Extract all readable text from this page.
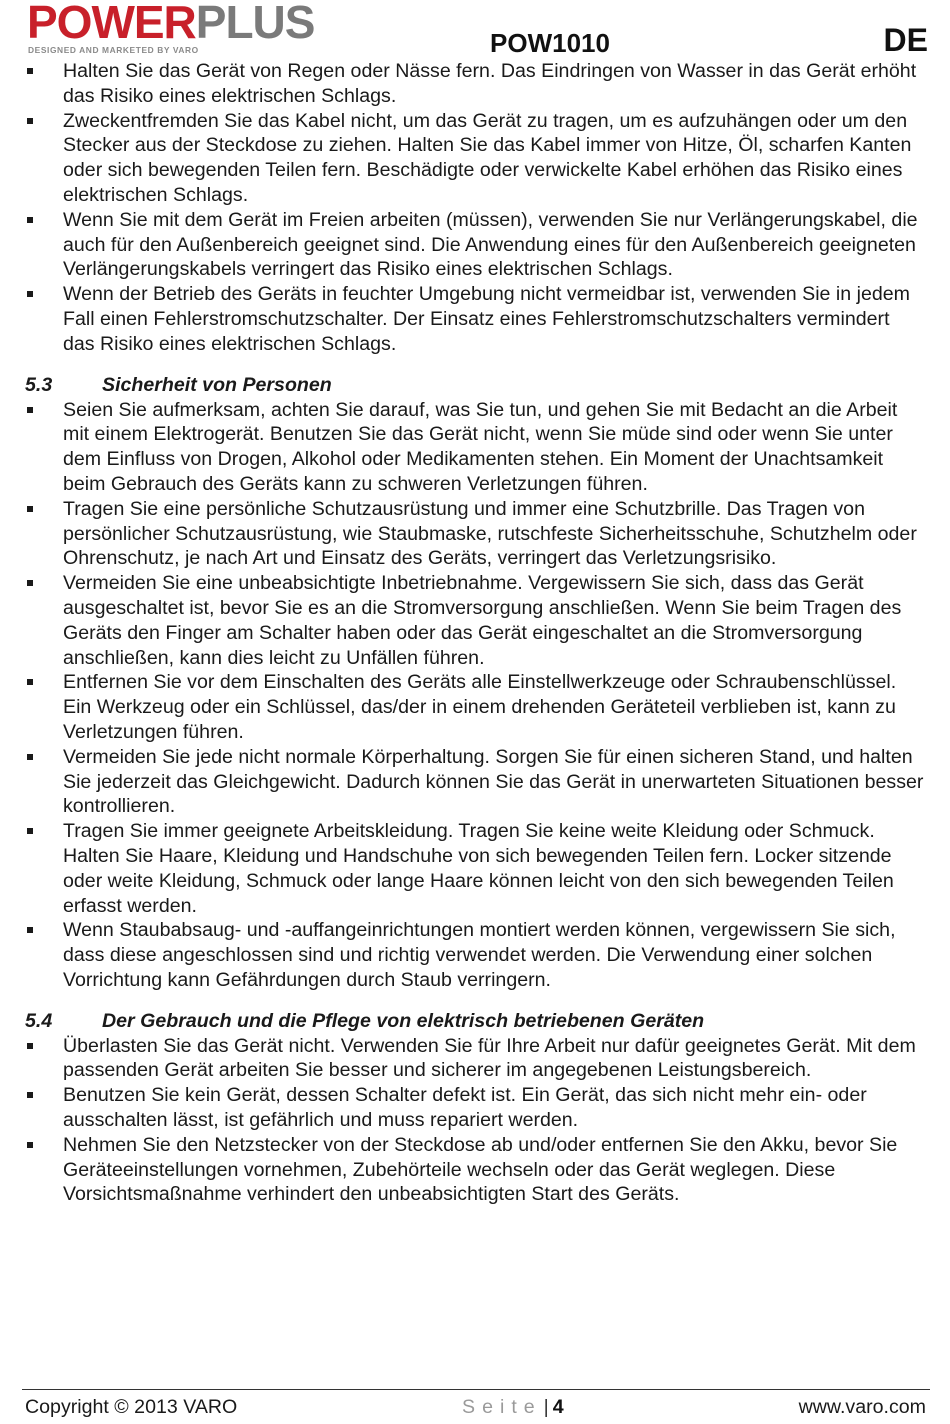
POWERPLUS
DESIGNED AND MARKETED BY VARO	POW1010	DE
Halten Sie das Gerät von Regen oder Nässe fern. Das Eindringen von Wasser in das Gerät erhöht das Risiko eines elektrischen Schlags.
Zweckentfremden Sie das Kabel nicht, um das Gerät zu tragen, um es aufzuhängen oder um den Stecker aus der Steckdose zu ziehen. Halten Sie das Kabel immer von Hitze, Öl, scharfen Kanten oder sich bewegenden Teilen fern. Beschädigte oder verwickelte Kabel erhöhen das Risiko eines elektrischen Schlags.
Wenn Sie mit dem Gerät im Freien arbeiten (müssen), verwenden Sie nur Verlängerungskabel, die auch für den Außenbereich geeignet sind. Die Anwendung eines für den Außenbereich geeigneten Verlängerungskabels verringert das Risiko eines elektrischen Schlags.
Wenn der Betrieb des Geräts in feuchter Umgebung nicht vermeidbar ist, verwenden Sie in jedem Fall einen Fehlerstromschutzschalter. Der Einsatz eines Fehlerstromschutzschalters vermindert das Risiko eines elektrischen Schlags.
5.3	Sicherheit von Personen
Seien Sie aufmerksam, achten Sie darauf, was Sie tun, und gehen Sie mit Bedacht an die Arbeit mit einem Elektrogerät. Benutzen Sie das Gerät nicht, wenn Sie müde sind oder wenn Sie unter dem Einfluss von Drogen, Alkohol oder Medikamenten stehen. Ein Moment der Unachtsamkeit beim Gebrauch des Geräts kann zu schweren Verletzungen führen.
Tragen Sie eine persönliche Schutzausrüstung und immer eine Schutzbrille. Das Tragen von persönlicher Schutzausrüstung, wie Staubmaske, rutschfeste Sicherheitsschuhe, Schutzhelm oder Ohrenschutz, je nach Art und Einsatz des Geräts, verringert das Verletzungsrisiko.
Vermeiden Sie eine unbeabsichtigte Inbetriebnahme. Vergewissern Sie sich, dass das Gerät ausgeschaltet ist, bevor Sie es an die Stromversorgung anschließen. Wenn Sie beim Tragen des Geräts den Finger am Schalter haben oder das Gerät eingeschaltet an die Stromversorgung anschließen, kann dies leicht zu Unfällen führen.
Entfernen Sie vor dem Einschalten des Geräts alle Einstellwerkzeuge oder Schraubenschlüssel. Ein Werkzeug oder ein Schlüssel, das/der in einem drehenden Geräteteil verblieben ist, kann zu Verletzungen führen.
Vermeiden Sie jede nicht normale Körperhaltung. Sorgen Sie für einen sicheren Stand, und halten Sie jederzeit das Gleichgewicht. Dadurch können Sie das Gerät in unerwarteten Situationen besser kontrollieren.
Tragen Sie immer geeignete Arbeitskleidung. Tragen Sie keine weite Kleidung oder Schmuck. Halten Sie Haare, Kleidung und Handschuhe von sich bewegenden Teilen fern. Locker sitzende oder weite Kleidung, Schmuck oder lange Haare können leicht von den sich bewegenden Teilen erfasst werden.
Wenn Staubabsaug- und -auffangeinrichtungen montiert werden können, vergewissern Sie sich, dass diese angeschlossen sind und richtig verwendet werden. Die Verwendung einer solchen Vorrichtung kann Gefährdungen durch Staub verringern.
5.4	Der Gebrauch und die Pflege von elektrisch betriebenen Geräten
Überlasten Sie das Gerät nicht. Verwenden Sie für Ihre Arbeit nur dafür geeignetes Gerät. Mit dem passenden Gerät arbeiten Sie besser und sicherer im angegebenen Leistungsbereich.
Benutzen Sie kein Gerät, dessen Schalter defekt ist. Ein Gerät, das sich nicht mehr ein- oder ausschalten lässt, ist gefährlich und muss repariert werden.
Nehmen Sie den Netzstecker von der Steckdose ab und/oder entfernen Sie den Akku, bevor Sie Geräteeinstellungen vornehmen, Zubehörteile wechseln oder das Gerät weglegen. Diese Vorsichtsmaßnahme verhindert den unbeabsichtigten Start des Geräts.
Copyright © 2013 VARO	Seite | 4	www.varo.com
